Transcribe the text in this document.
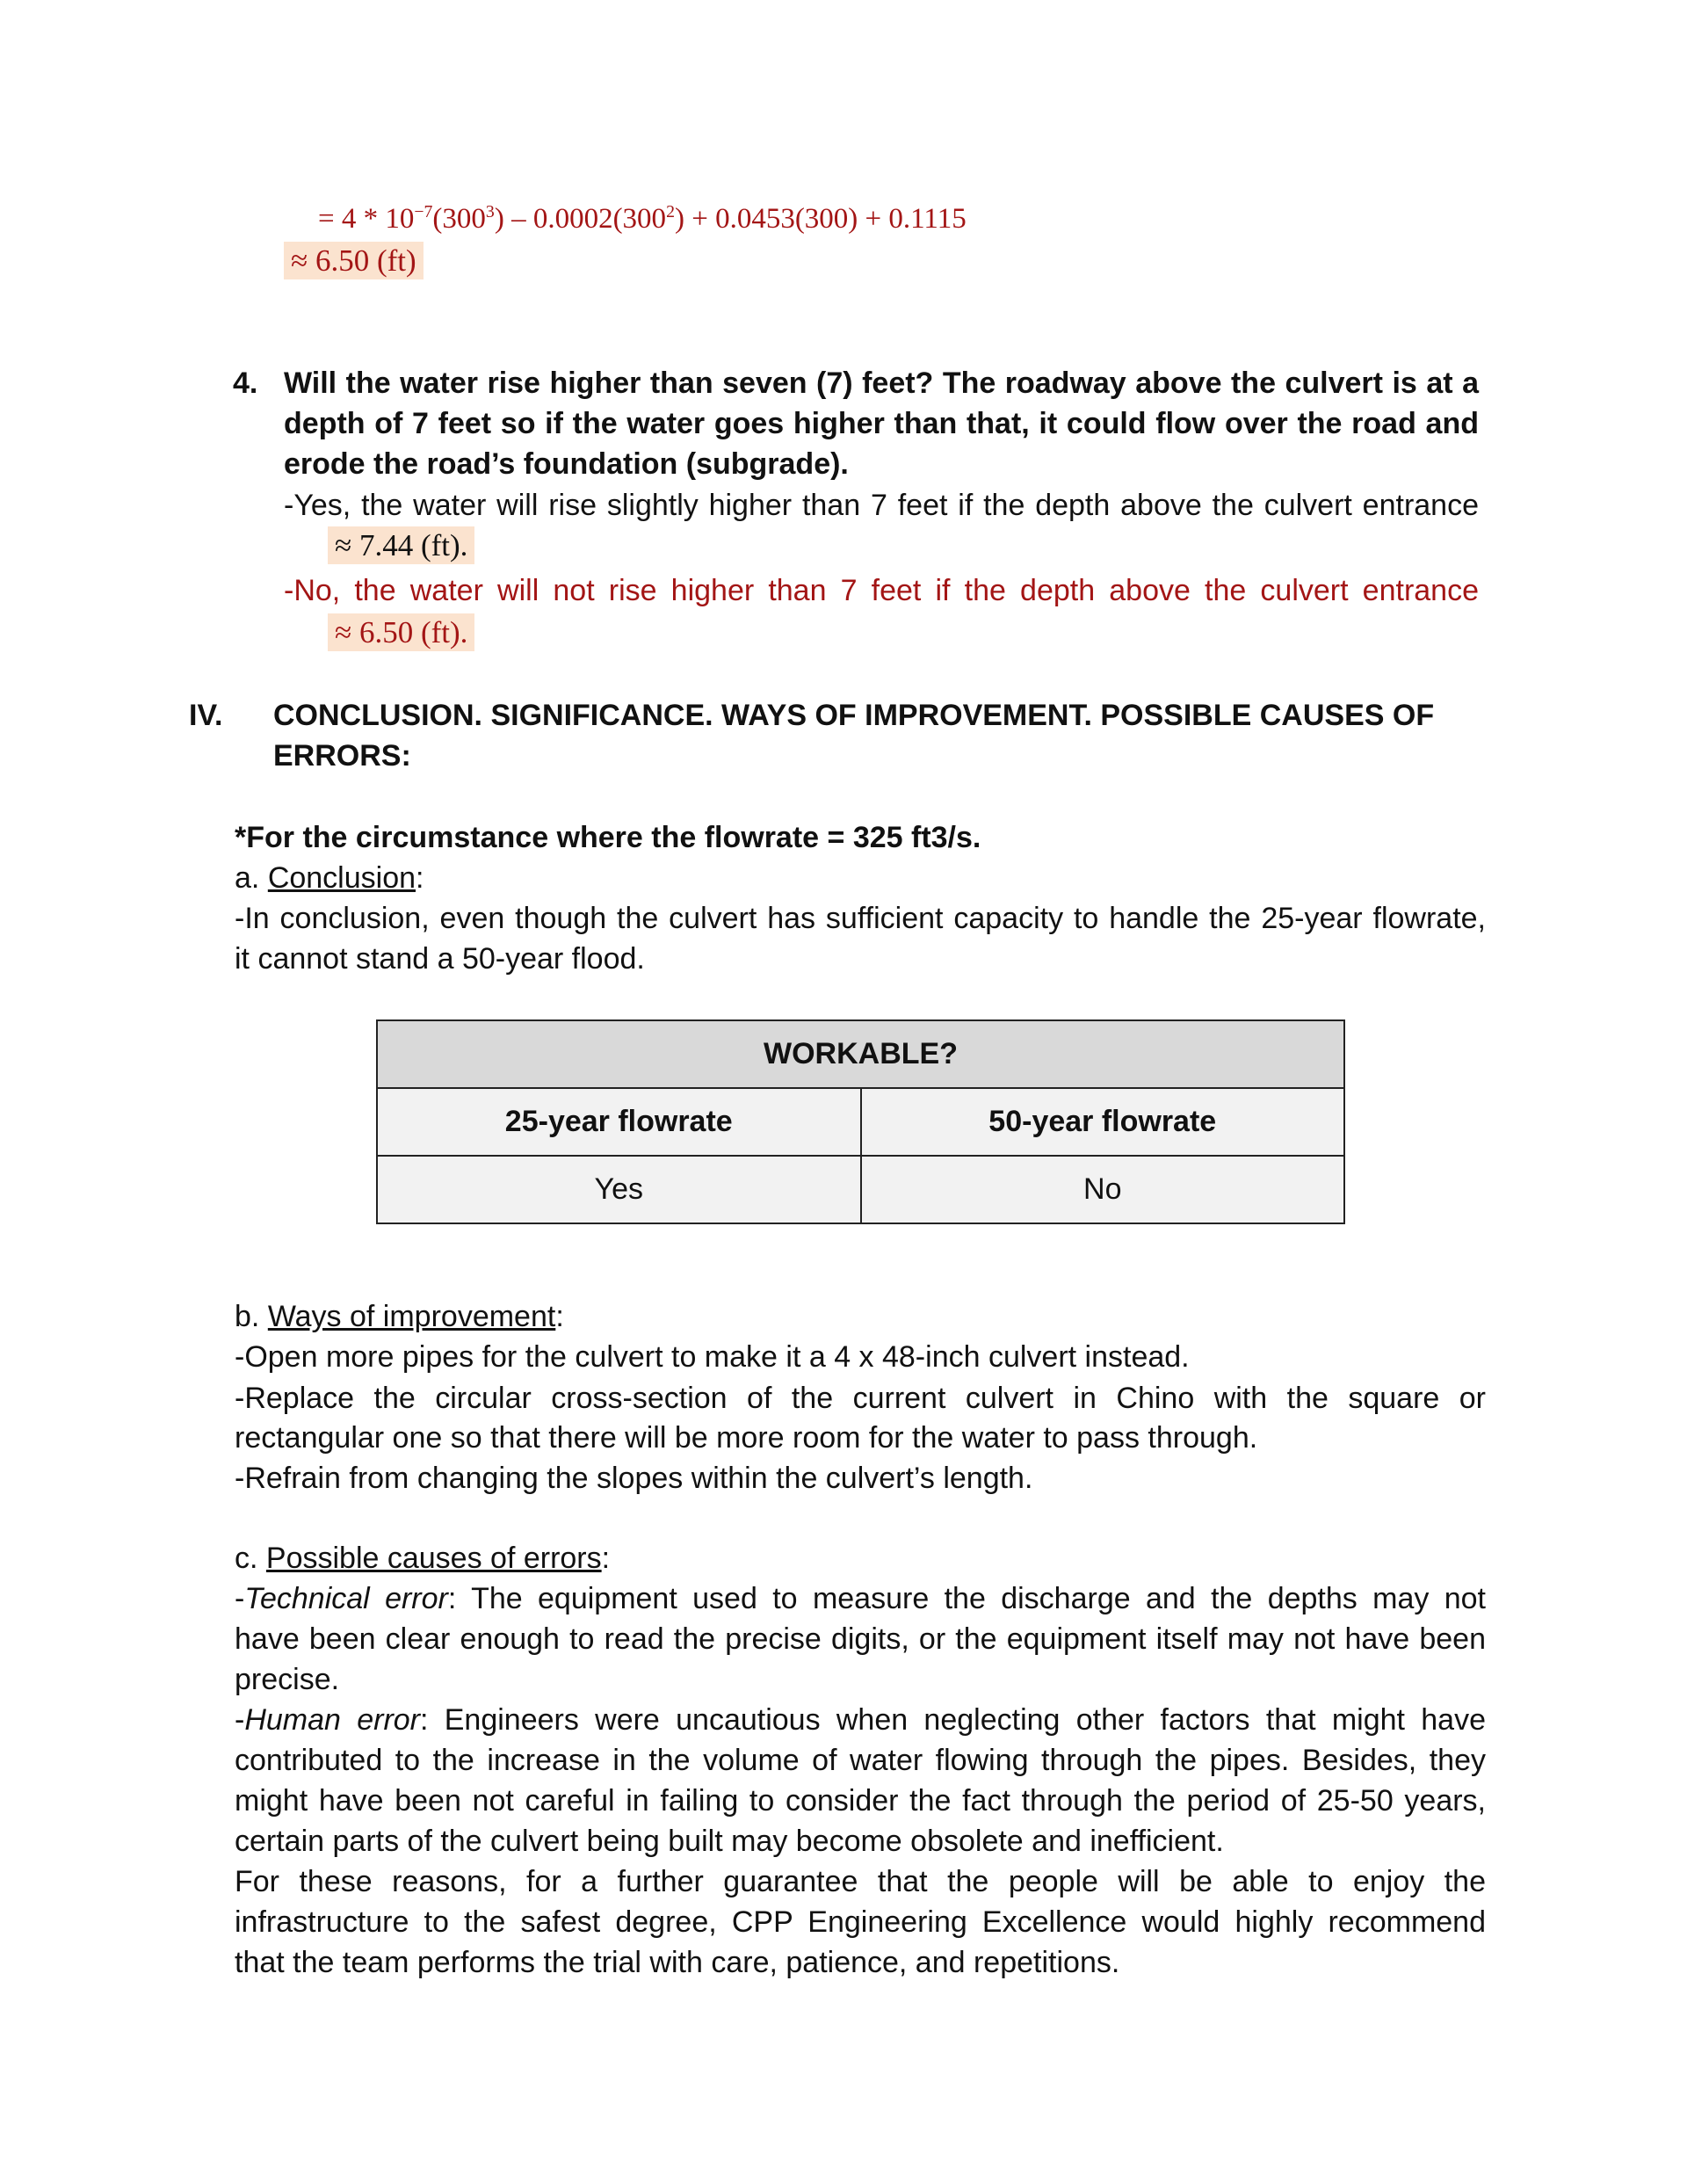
= $4 * 10^{-7}(300^3) - 0.0002(300^2) + 0.0453(300) + 0.1115$
≈ 6.50 (ft)
4. Will the water rise higher than seven (7) feet? The roadway above the culvert is at a
depth of 7 feet so if the water goes higher than that, it could flow over the road and
erode the road’s foundation (subgrade).
-Yes, the water will rise slightly higher than 7 feet if the depth above the culvert entrance
≈ 7.44 (ft).
-No, the water will not rise higher than 7 feet if the depth above the culvert entrance
≈ 6.50 (ft).
IV. CONCLUSION. SIGNIFICANCE. WAYS OF IMPROVEMENT. POSSIBLE CAUSES OF
ERRORS:
*For the circumstance where the flowrate = 325 ft3/s.
a. Conclusion:
-In conclusion, even though the culvert has sufficient capacity to handle the 25-year flowrate,
it cannot stand a 50-year flood.
WORKABLE?	
25-year flowrate	50-year flowrate
Yes	No
b. Ways of improvement:
-Open more pipes for the culvert to make it a 4 x 48-inch culvert instead.
-Replace the circular cross-section of the current culvert in Chino with the square or
rectangular one so that there will be more room for the water to pass through.
-Refrain from changing the slopes within the culvert’s length.
c. Possible causes of errors:
-Technical error: The equipment used to measure the discharge and the depths may not
have been clear enough to read the precise digits, or the equipment itself may not have been
precise.
-Human error: Engineers were uncautious when neglecting other factors that might have
contributed to the increase in the volume of water flowing through the pipes. Besides, they
might have been not careful in failing to consider the fact through the period of 25-50 years,
certain parts of the culvert being built may become obsolete and inefficient.
For these reasons, for a further guarantee that the people will be able to enjoy the
infrastructure to the safest degree, CPP Engineering Excellence would highly recommend
that the team performs the trial with care, patience, and repetitions.
